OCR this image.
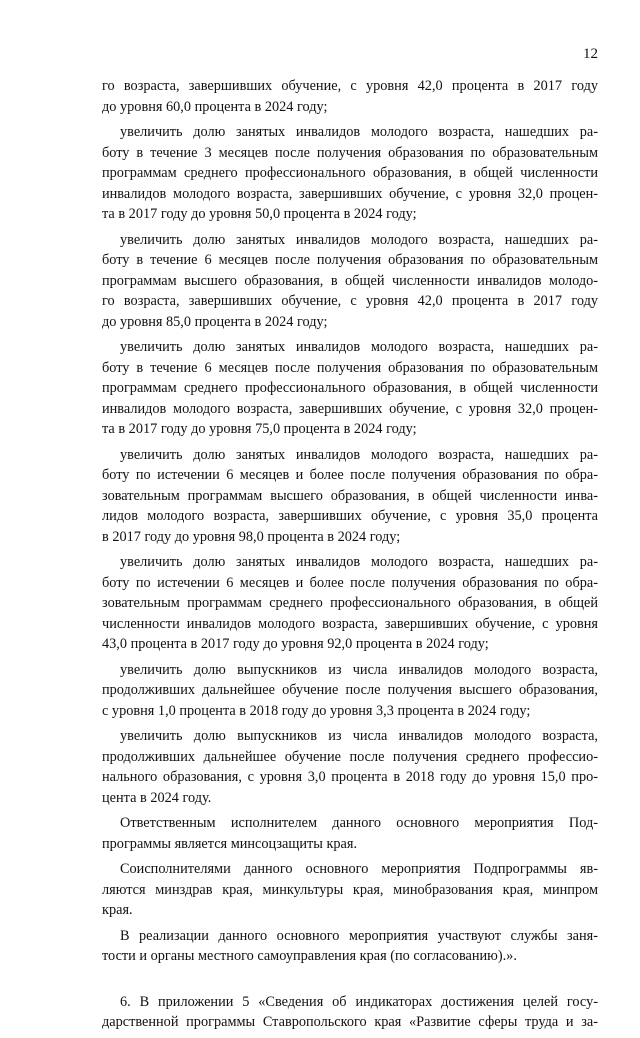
12

го возраста, завершивших обучение, с уровня 42,0 процента в 2017 году
до уровня 60,0 процента в 2024 году;

увеличить долю занятых инвалидов молодого возраста, нашедших ра-
боту в течение 3 месяцев после получения образования по образовательным
программам среднего профессионального образования, в общей численности
инвалидов молодого возраста, завершивших обучение, с уровня 32,0 процен-
та в 2017 году до уровня 50,0 процента в 2024 году;

увеличить долю занятых инвалидов молодого возраста, нашедших ра-
боту в течение 6 месяцев после получения образования по образовательным
программам высшего образования, в общей численности инвалидов молодо-
го возраста, завершивших обучение, с уровня 42,0 процента в 2017 году
до уровня 85,0 процента в 2024 году;

увеличить долю занятых инвалидов молодого возраста, нашедших ра-
боту в течение 6 месяцев после получения образования по образовательным
программам среднего профессионального образования, в общей численности
инвалидов молодого возраста, завершивших обучение, с уровня 32,0 процен-
та в 2017 году до уровня 75,0 процента в 2024 году;

увеличить долю занятых инвалидов молодого возраста, нашедших ра-
боту по истечении 6 месяцев и более после получения образования по обра-
зовательным программам высшего образования, в общей численности инва-
лидов молодого возраста, завершивших обучение, с уровня 35,0 процента
в 2017 году до уровня 98,0 процента в 2024 году;

увеличить долю занятых инвалидов молодого возраста, нашедших ра-
боту по истечении 6 месяцев и более после получения образования по обра-
зовательным программам среднего профессионального образования, в общей
численности инвалидов молодого возраста, завершивших обучение, с уровня
43,0 процента в 2017 году до уровня 92,0 процента в 2024 году;

увеличить долю выпускников из числа инвалидов молодого возраста,
продолживших дальнейшее обучение после получения высшего образования,
с уровня 1,0 процента в 2018 году до уровня 3,3 процента в 2024 году;

увеличить долю выпускников из числа инвалидов молодого возраста,
продолживших дальнейшее обучение после получения среднего профессио-
нального образования, с уровня 3,0 процента в 2018 году до уровня 15,0 про-
цента в 2024 году.

Ответственным исполнителем данного основного мероприятия Под-
программы является минсоцзащиты края.

Соисполнителями данного основного мероприятия Подпрограммы яв-
ляются минздрав края, минкультуры края, минобразования края, минпром
края.

В реализации данного основного мероприятия участвуют службы заня-
тости и органы местного самоуправления края (по согласованию).».

6. В приложении 5 «Сведения об индикаторах достижения целей госу-
дарственной программы Ставропольского края «Развитие сферы труда и за-
